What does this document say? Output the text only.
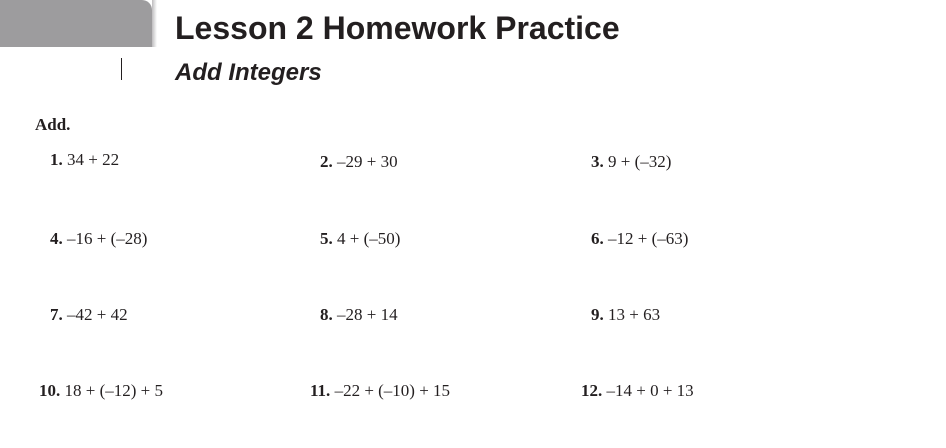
Lesson 2 Homework Practice
Add Integers
Add.
1. 34 + 22	2. –29 + 30	3. 9 + (–32)
4. –16 + (–28)	5. 4 + (–50)	6. –12 + (–63)
7. –42 + 42	8. –28 + 14	9. 13 + 63
10. 18 + (–12) + 5	11. –22 + (–10) + 15	12. –14 + 0 + 13
